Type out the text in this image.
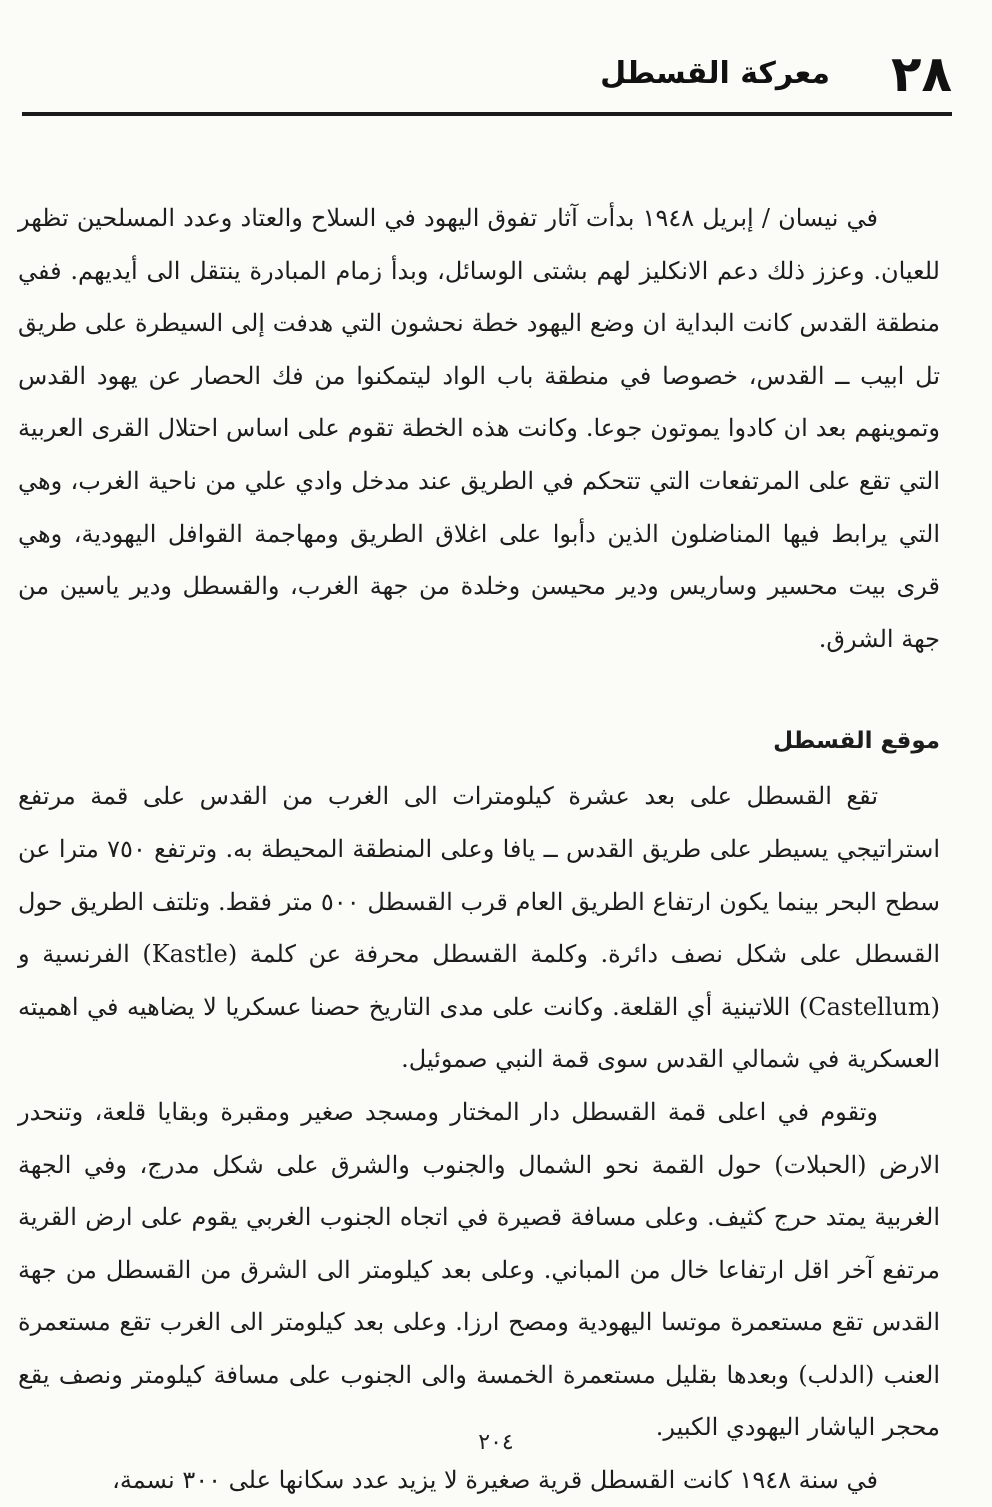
٢٨
معركة القسطل

في نيسان / إبريل ١٩٤٨ بدأت آثار تفوق اليهود في السلاح والعتاد وعدد المسلحين تظهر للعيان. وعزز ذلك دعم الانكليز لهم بشتى الوسائل، وبدأ زمام المبادرة ينتقل الى أيديهم. ففي منطقة القدس كانت البداية ان وضع اليهود خطة نحشون التي هدفت إلى السيطرة على طريق تل ابيب ــ القدس، خصوصا في منطقة باب الواد ليتمكنوا من فك الحصار عن يهود القدس وتموينهم بعد ان كادوا يموتون جوعا. وكانت هذه الخطة تقوم على اساس احتلال القرى العربية التي تقع على المرتفعات التي تتحكم في الطريق عند مدخل وادي علي من ناحية الغرب، وهي التي يرابط فيها المناضلون الذين دأبوا على اغلاق الطريق ومهاجمة القوافل اليهودية، وهي قرى بيت محسير وساريس ودير محيسن وخلدة من جهة الغرب، والقسطل ودير ياسين من جهة الشرق.

موقع القسطل

تقع القسطل على بعد عشرة كيلومترات الى الغرب من القدس على قمة مرتفع استراتيجي يسيطر على طريق القدس ــ يافا وعلى المنطقة المحيطة به. وترتفع ٧٥٠ مترا عن سطح البحر بينما يكون ارتفاع الطريق العام قرب القسطل ٥٠٠ متر فقط. وتلتف الطريق حول القسطل على شكل نصف دائرة. وكلمة القسطل محرفة عن كلمة (Kastle) الفرنسية و (Castellum) اللاتينية أي القلعة. وكانت على مدى التاريخ حصنا عسكريا لا يضاهيه في اهميته العسكرية في شمالي القدس سوى قمة النبي صموئيل.

وتقوم في اعلى قمة القسطل دار المختار ومسجد صغير ومقبرة وبقايا قلعة، وتنحدر الارض (الحبلات) حول القمة نحو الشمال والجنوب والشرق على شكل مدرج، وفي الجهة الغربية يمتد حرج كثيف. وعلى مسافة قصيرة في اتجاه الجنوب الغربي يقوم على ارض القرية مرتفع آخر اقل ارتفاعا خال من المباني. وعلى بعد كيلومتر الى الشرق من القسطل من جهة القدس تقع مستعمرة موتسا اليهودية ومصح ارزا. وعلى بعد كيلومتر الى الغرب تقع مستعمرة العنب (الدلب) وبعدها بقليل مستعمرة الخمسة والى الجنوب على مسافة كيلومتر ونصف يقع محجر الياشار اليهودي الكبير.

في سنة ١٩٤٨ كانت القسطل قرية صغيرة لا يزيد عدد سكانها على ٣٠٠ نسمة،

٢٠٤
